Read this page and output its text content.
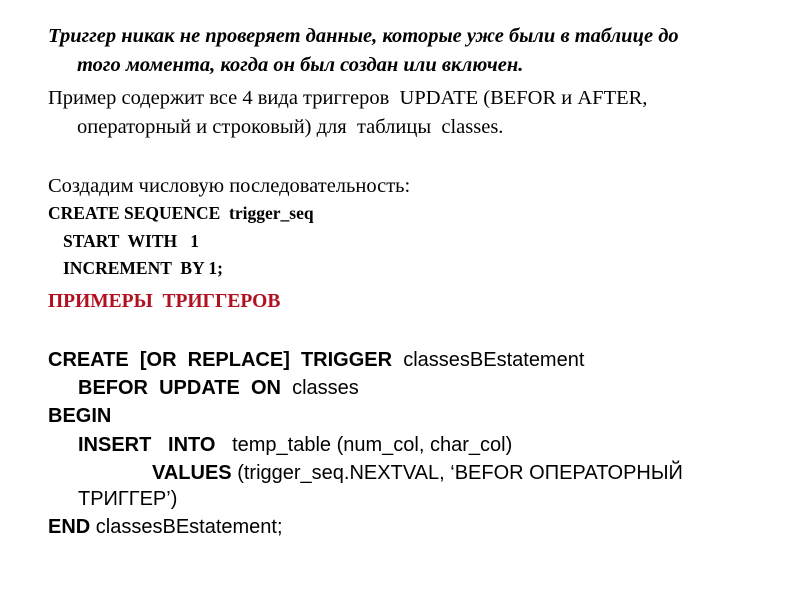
Триггер никак не проверяет данные, которые уже были в таблице до
того момента, когда он был создан или включен.
Пример содержит все 4 вида триггеров  UPDATE (BEFOR и AFTER,
операторный и строковый) для  таблицы  classes.
Создадим числовую последовательность:
CREATE SEQUENCE  trigger_seq
START  WITH   1
INCREMENT  BY 1;
ПРИМЕРЫ  ТРИГГЕРОВ
CREATE  [OR  REPLACE]  TRIGGER  classesBEstatement
BEFOR  UPDATE  ON  classes
BEGIN
INSERT   INTO   temp_table (num_col, char_col)
VALUES (trigger_seq.NEXTVAL, ‘BEFOR ОПЕРАТОРНЫЙ
ТРИГГЕР’)
END classesBEstatement;
